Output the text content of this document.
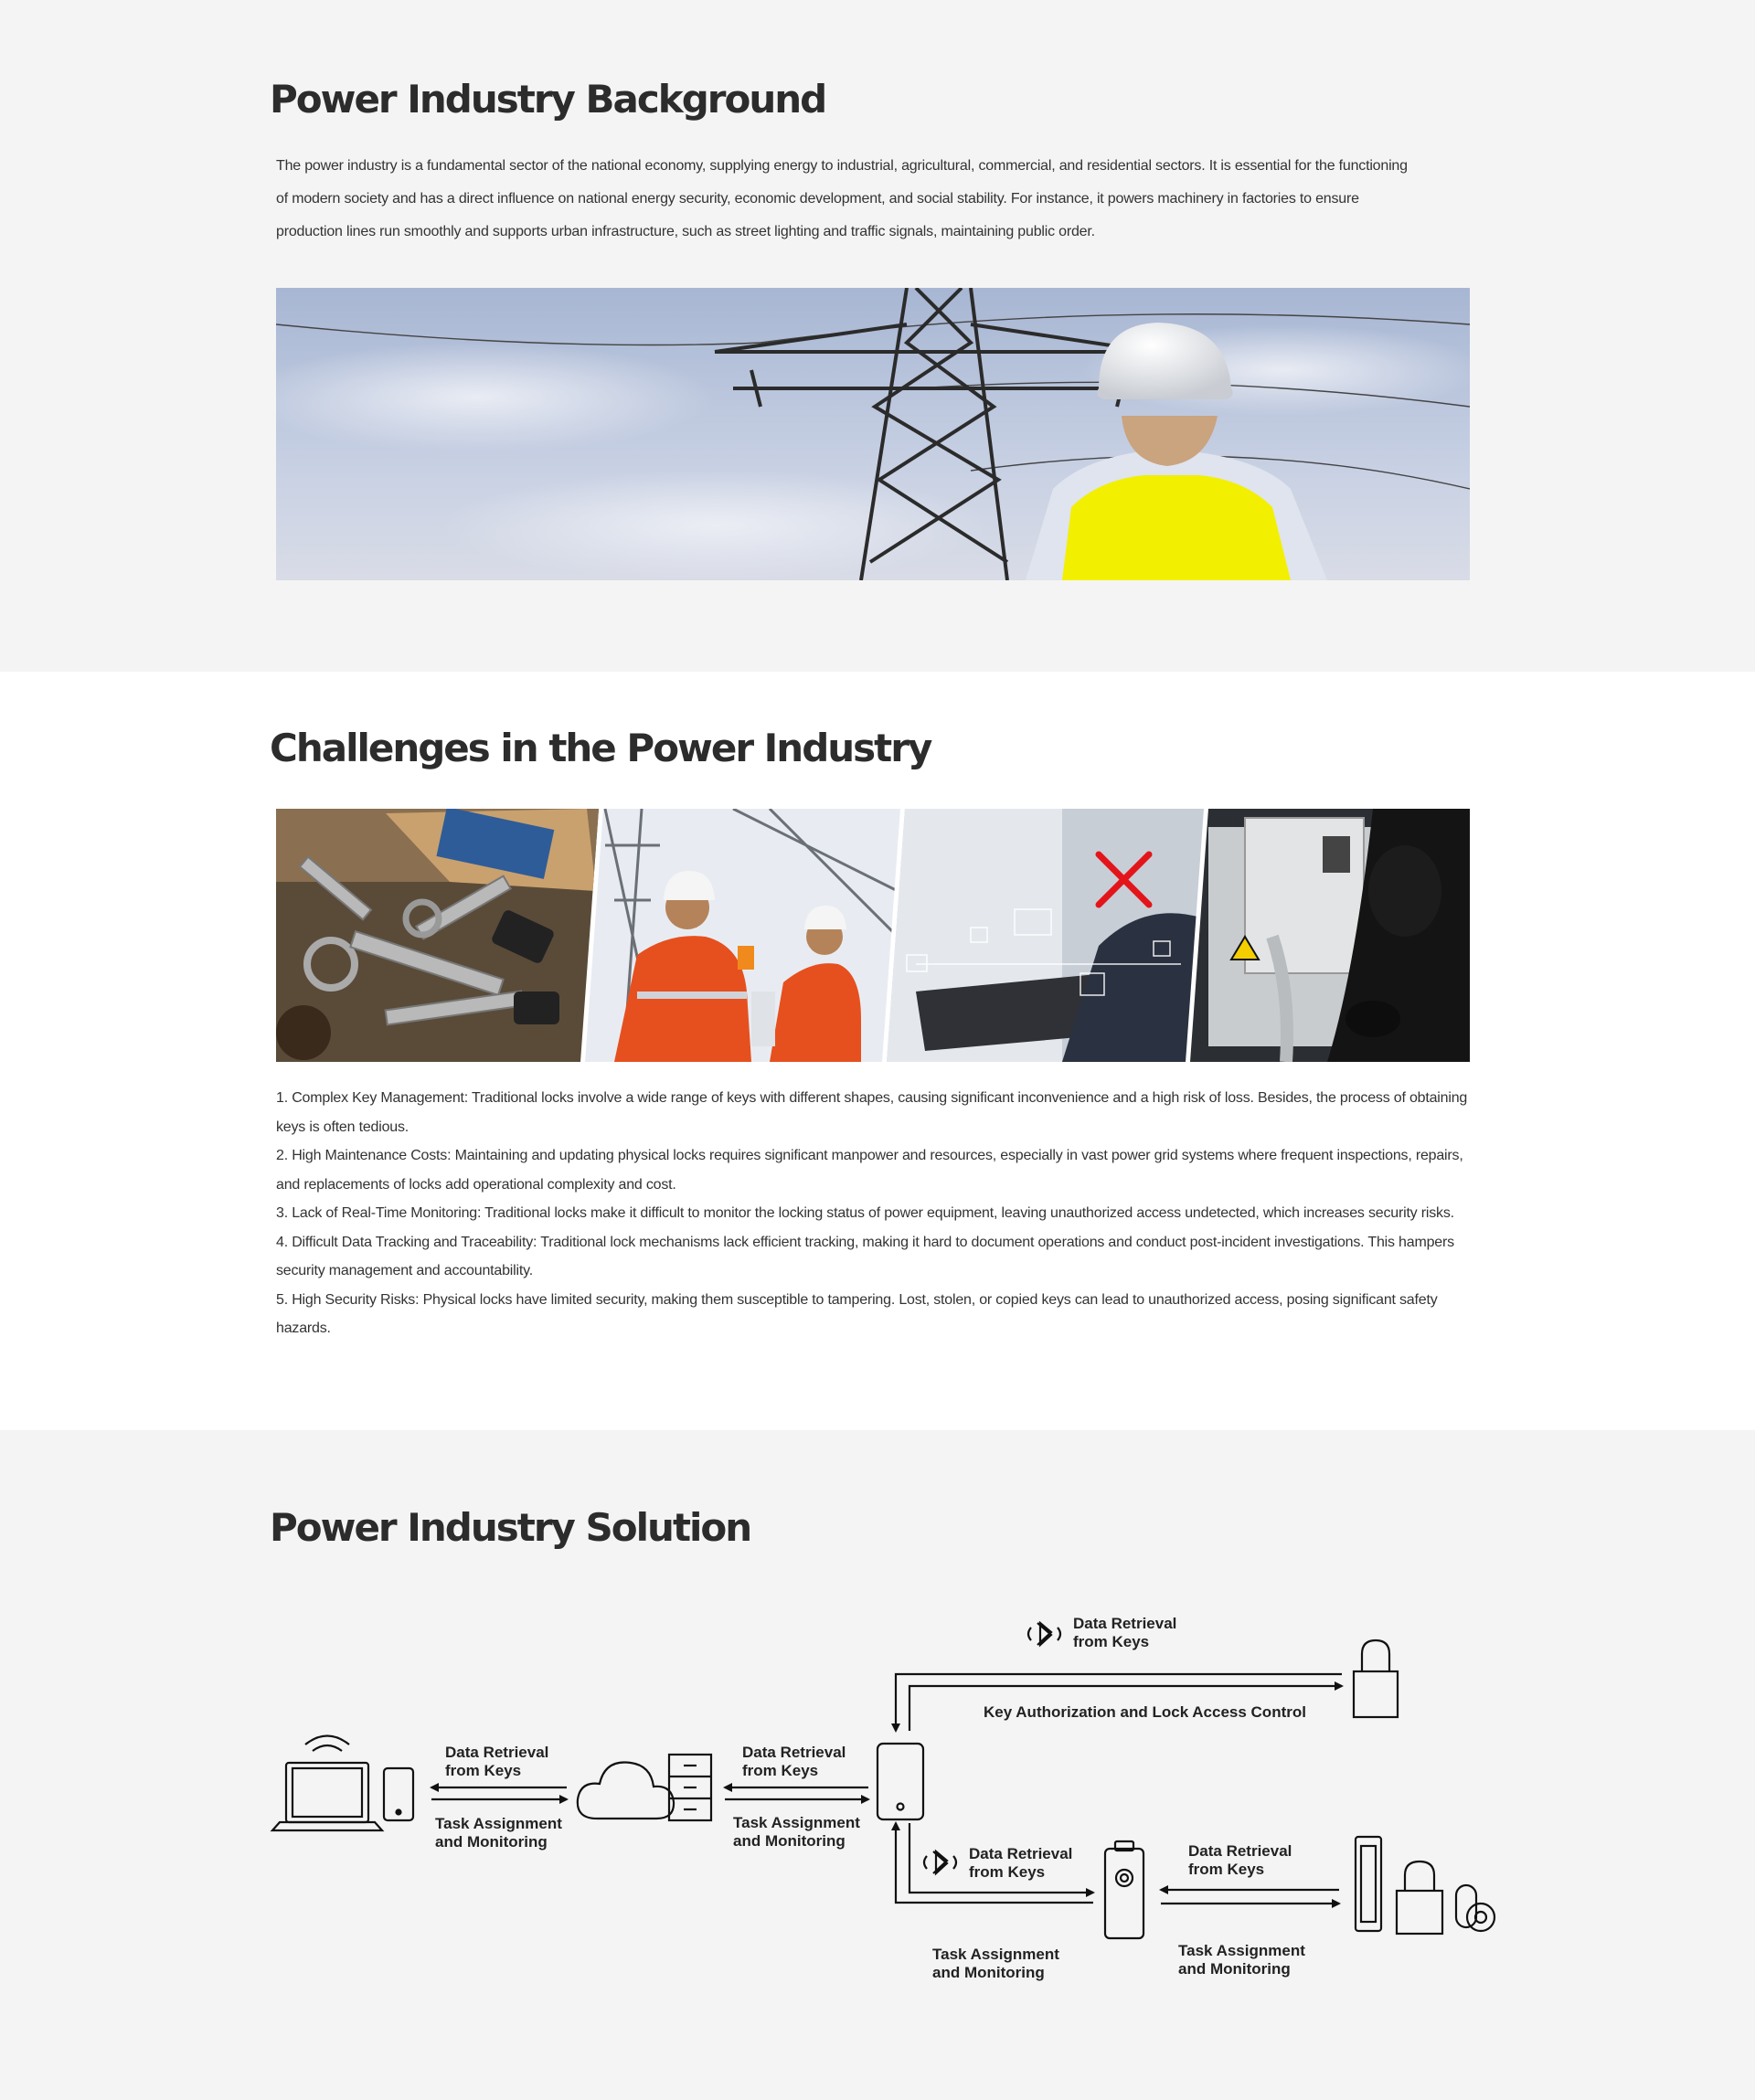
Power Industry Background

The power industry is a fundamental sector of the national economy, supplying energy to industrial, agricultural, commercial, and residential sectors. It is essential for the functioning of modern society and has a direct influence on national energy security, economic development, and social stability. For instance, it powers machinery in factories to ensure production lines run smoothly and supports urban infrastructure, such as street lighting and traffic signals, maintaining public order.

Challenges in the Power Industry
1. Complex Key Management: Traditional locks involve a wide range of keys with different shapes, causing significant inconvenience and a high risk of loss. Besides, the process of obtaining keys is often tedious.
2. High Maintenance Costs: Maintaining and updating physical locks requires significant manpower and resources, especially in vast power grid systems where frequent inspections, repairs, and replacements of locks add operational complexity and cost.
3. Lack of Real-Time Monitoring: Traditional locks make it difficult to monitor the locking status of power equipment, leaving unauthorized access undetected, which increases security risks.
4. Difficult Data Tracking and Traceability: Traditional lock mechanisms lack efficient tracking, making it hard to document operations and conduct post-incident investigations. This hampers security management and accountability.
5. High Security Risks: Physical locks have limited security, making them susceptible to tampering. Lost, stolen, or copied keys can lead to unauthorized access, posing significant safety hazards.
Power Industry Solution
Data Retrieval
from Keys
Task Assignment
and Monitoring
Data Retrieval
from Keys
Task Assignment
and Monitoring
Data Retrieval
from Keys
Key Authorization and Lock Access Control
Data Retrieval
from Keys
Task Assignment
and Monitoring
Data Retrieval
from Keys
Task Assignment
and Monitoring
